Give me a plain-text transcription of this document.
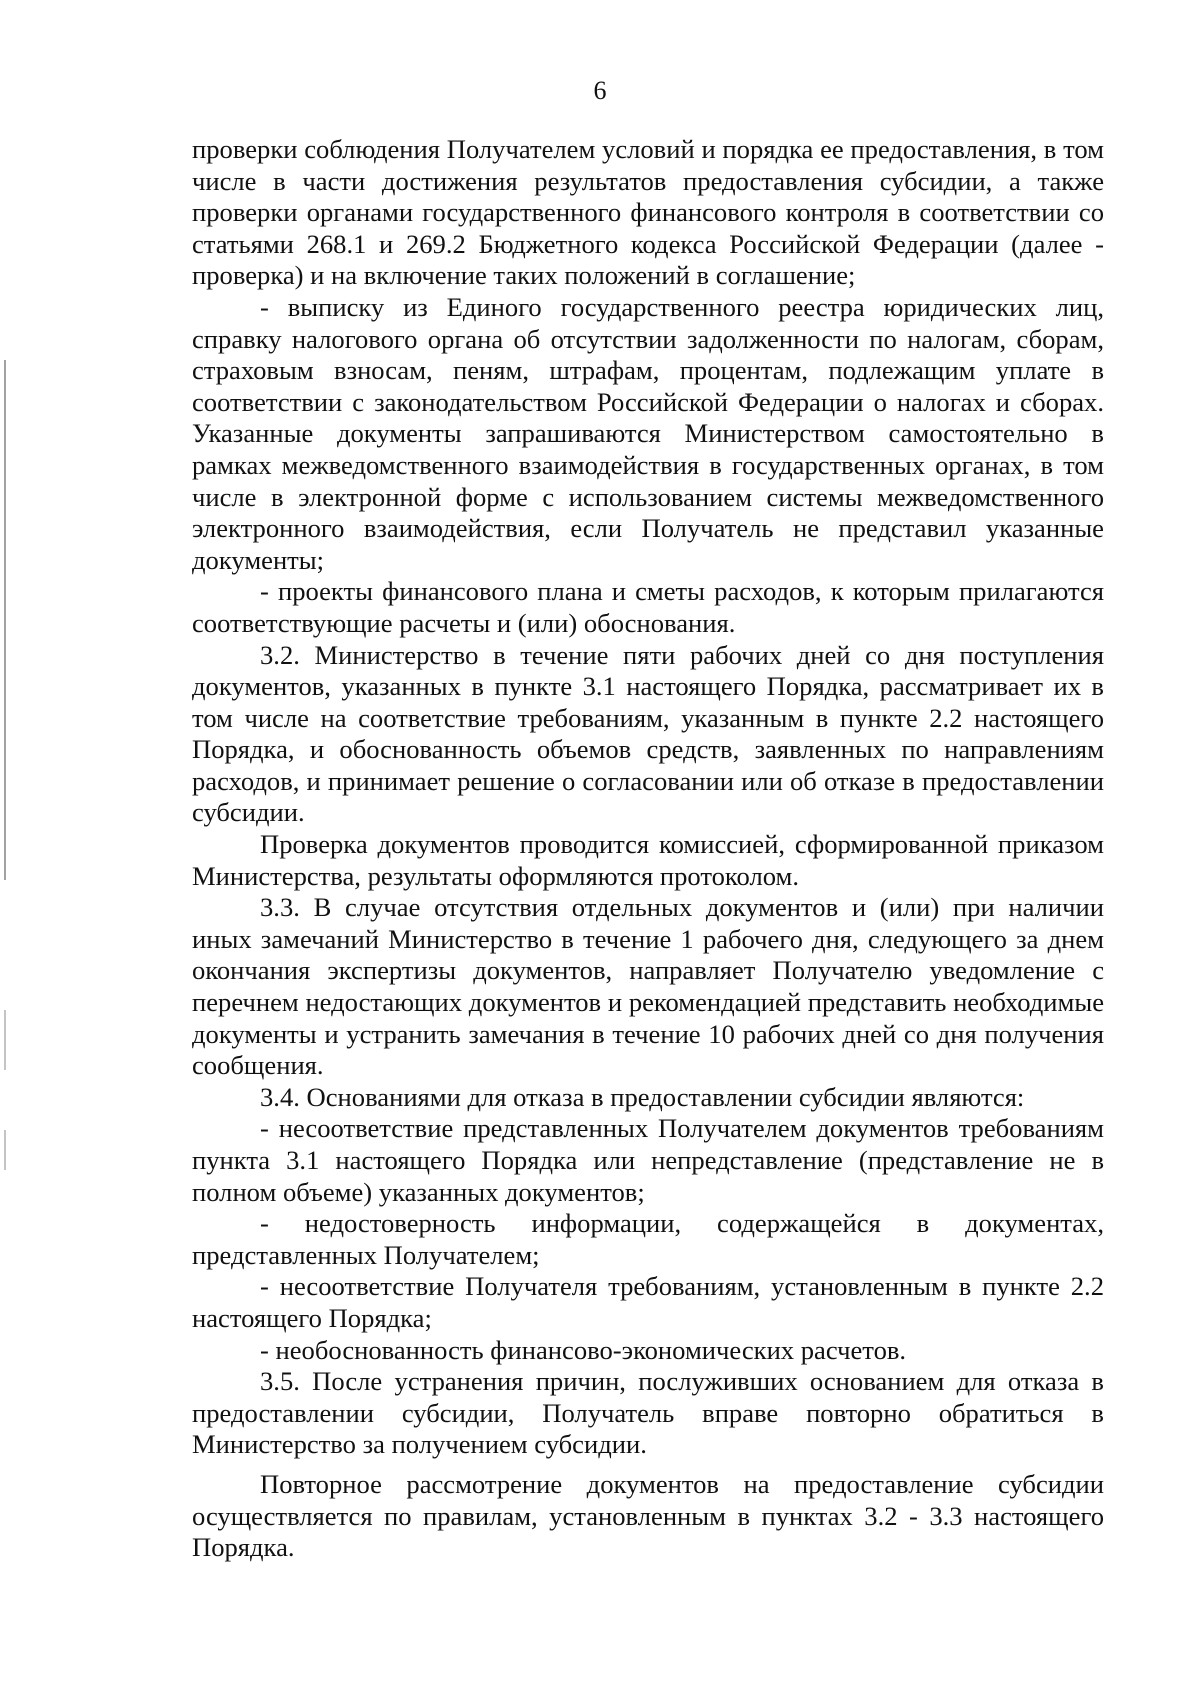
6

проверки соблюдения Получателем условий и порядка ее предоставления, в том числе в части достижения результатов предоставления субсидии, а также проверки органами государственного финансового контроля в соответствии со статьями 268.1 и 269.2 Бюджетного кодекса Российской Федерации (далее - проверка) и на включение таких положений в соглашение;

- выписку из Единого государственного реестра юридических лиц, справку налогового органа об отсутствии задолженности по налогам, сборам, страховым взносам, пеням, штрафам, процентам, подлежащим уплате в соответствии с законодательством Российской Федерации о налогах и сборах. Указанные документы запрашиваются Министерством самостоятельно в рамках межведомственного взаимодействия в государственных органах, в том числе в электронной форме с использованием системы межведомственного электронного взаимодействия, если Получатель не представил указанные документы;

- проекты финансового плана и сметы расходов, к которым прилагаются соответствующие расчеты и (или) обоснования.

3.2. Министерство в течение пяти рабочих дней со дня поступления документов, указанных в пункте 3.1 настоящего Порядка, рассматривает их в том числе на соответствие требованиям, указанным в пункте 2.2 настоящего Порядка, и обоснованность объемов средств, заявленных по направлениям расходов, и принимает решение о согласовании или об отказе в предоставлении субсидии.

Проверка документов проводится комиссией, сформированной приказом Министерства, результаты оформляются протоколом.

3.3. В случае отсутствия отдельных документов и (или) при наличии иных замечаний Министерство в течение 1 рабочего дня, следующего за днем окончания экспертизы документов, направляет Получателю уведомление с перечнем недостающих документов и рекомендацией представить необходимые документы и устранить замечания в течение 10 рабочих дней со дня получения сообщения.

3.4. Основаниями для отказа в предоставлении субсидии являются:

- несоответствие представленных Получателем документов требованиям пункта 3.1 настоящего Порядка или непредставление (представление не в полном объеме) указанных документов;

- недостоверность информации, содержащейся в документах, представленных Получателем;

- несоответствие Получателя требованиям, установленным в пункте 2.2 настоящего Порядка;

- необоснованность финансово-экономических расчетов.

3.5. После устранения причин, послуживших основанием для отказа в предоставлении субсидии, Получатель вправе повторно обратиться в Министерство за получением субсидии.

Повторное рассмотрение документов на предоставление субсидии осуществляется по правилам, установленным в пунктах 3.2 - 3.3 настоящего Порядка.
